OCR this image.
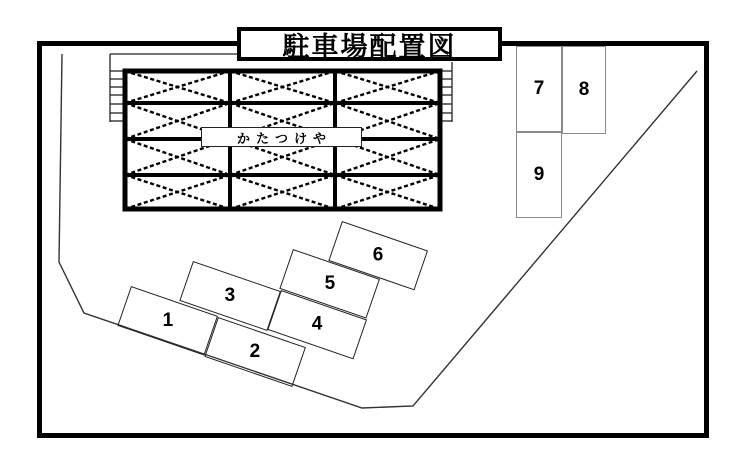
駐車場配置図
かたつけや
1
2
3
4
5
6
7 8
9
